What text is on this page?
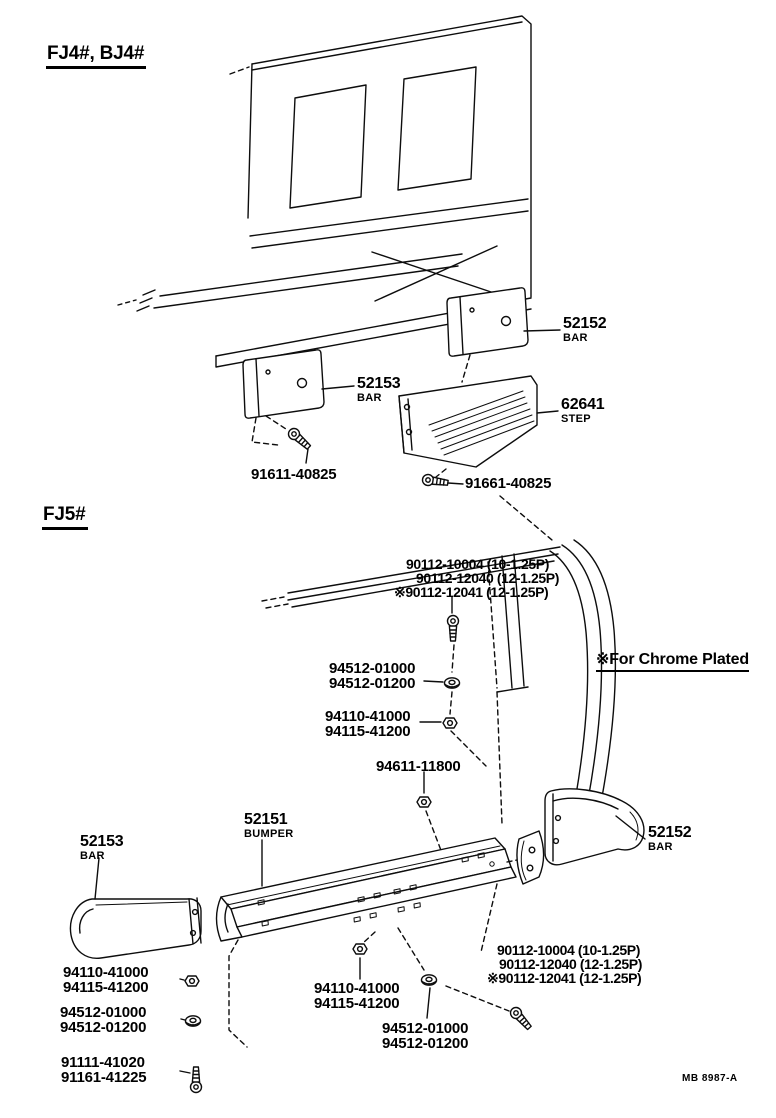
FJ4#, BJ4#
52152
BAR
52153
BAR	62641
STEP
91611-40825
91661-40825
FJ5#
90112-10004 (10-1.25P)
90112-12040 (12-1.25P)
※90112-12041 (12-1.25P)
※For Chrome Plated
94512-01000
94512-01200
94110-41000
94115-41200
94611-11800
52151
BUMPER
52153
BAR
52152
BAR
94110-41000
94115-41200
94512-01000
94512-01200
94110-41000
94115-41200
94512-01000
94512-01200
90112-10004 (10-1.25P)
90112-12040 (12-1.25P)
※90112-12041 (12-1.25P)
91111-41020
91161-41225	MB 8987-A
